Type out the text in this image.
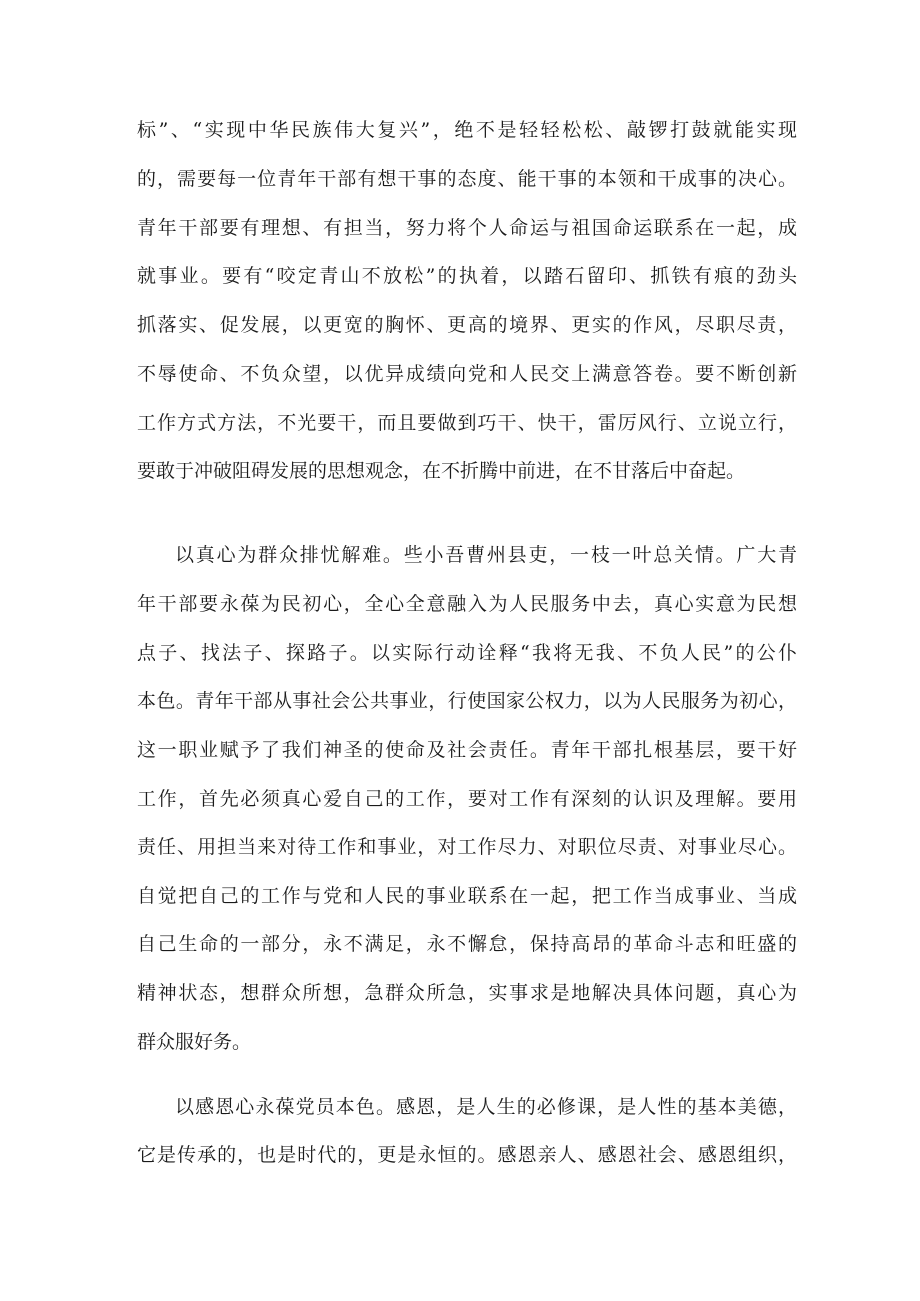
标”、“实现中华民族伟大复兴”，绝不是轻轻松松、敲锣打鼓就能实现
的，需要每一位青年干部有想干事的态度、能干事的本领和干成事的决心。
青年干部要有理想、有担当，努力将个人命运与祖国命运联系在一起，成
就事业。要有“咬定青山不放松”的执着，以踏石留印、抓铁有痕的劲头
抓落实、促发展，以更宽的胸怀、更高的境界、更实的作风，尽职尽责，
不辱使命、不负众望，以优异成绩向党和人民交上满意答卷。要不断创新
工作方式方法，不光要干，而且要做到巧干、快干，雷厉风行、立说立行，
要敢于冲破阻碍发展的思想观念，在不折腾中前进，在不甘落后中奋起。
以真心为群众排忧解难。些小吾曹州县吏，一枝一叶总关情。广大青
年干部要永葆为民初心，全心全意融入为人民服务中去，真心实意为民想
点子、找法子、探路子。以实际行动诠释“我将无我、不负人民”的公仆
本色。青年干部从事社会公共事业，行使国家公权力，以为人民服务为初心，
这一职业赋予了我们神圣的使命及社会责任。青年干部扎根基层，要干好
工作，首先必须真心爱自己的工作，要对工作有深刻的认识及理解。要用
责任、用担当来对待工作和事业，对工作尽力、对职位尽责、对事业尽心。
自觉把自己的工作与党和人民的事业联系在一起，把工作当成事业、当成
自己生命的一部分，永不满足，永不懈怠，保持高昂的革命斗志和旺盛的
精神状态，想群众所想，急群众所急，实事求是地解决具体问题，真心为
群众服好务。
以感恩心永葆党员本色。感恩，是人生的必修课，是人性的基本美德，
它是传承的，也是时代的，更是永恒的。感恩亲人、感恩社会、感恩组织，
